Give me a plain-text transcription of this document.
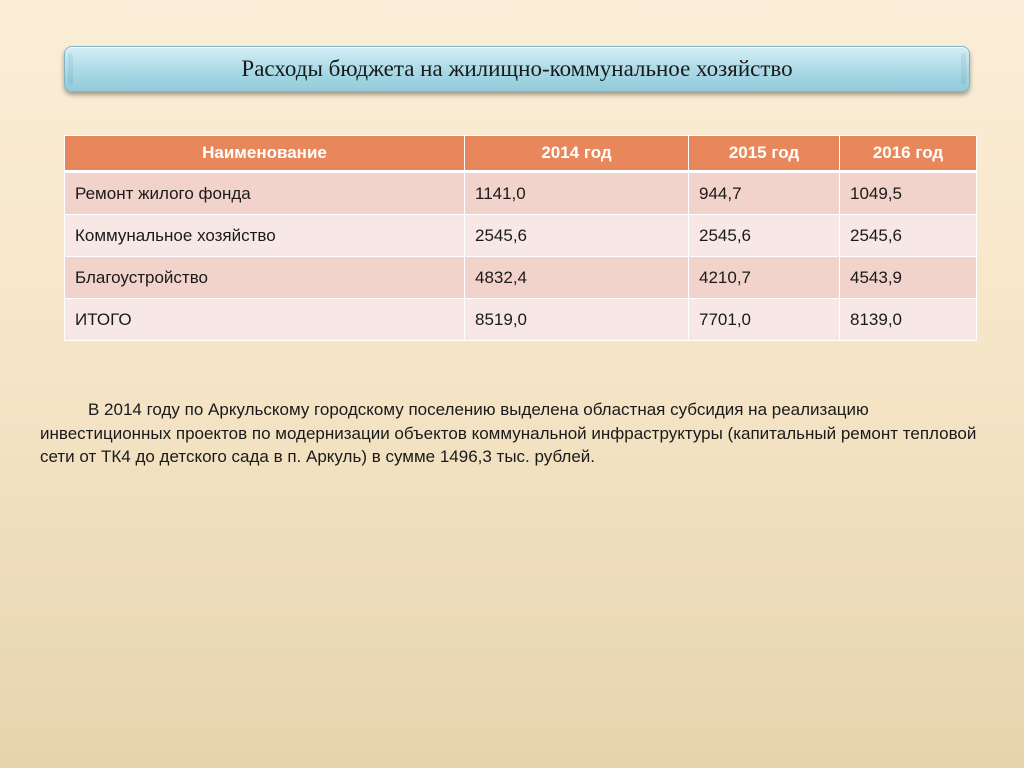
Расходы бюджета на жилищно-коммунальное хозяйство
Наименование	2014 год	2015 год	2016 год
Ремонт жилого фонда	1141,0	944,7	1049,5
Коммунальное хозяйство	2545,6	2545,6	2545,6
Благоустройство	4832,4	4210,7	4543,9
ИТОГО	8519,0	7701,0	8139,0

В 2014 году по Аркульскому городскому поселению выделена областная субсидия на реализацию инвестиционных проектов по модернизации объектов коммунальной инфраструктуры (капитальный ремонт тепловой сети от ТК4 до детского сада в п. Аркуль) в сумме 1496,3 тыс. рублей.
